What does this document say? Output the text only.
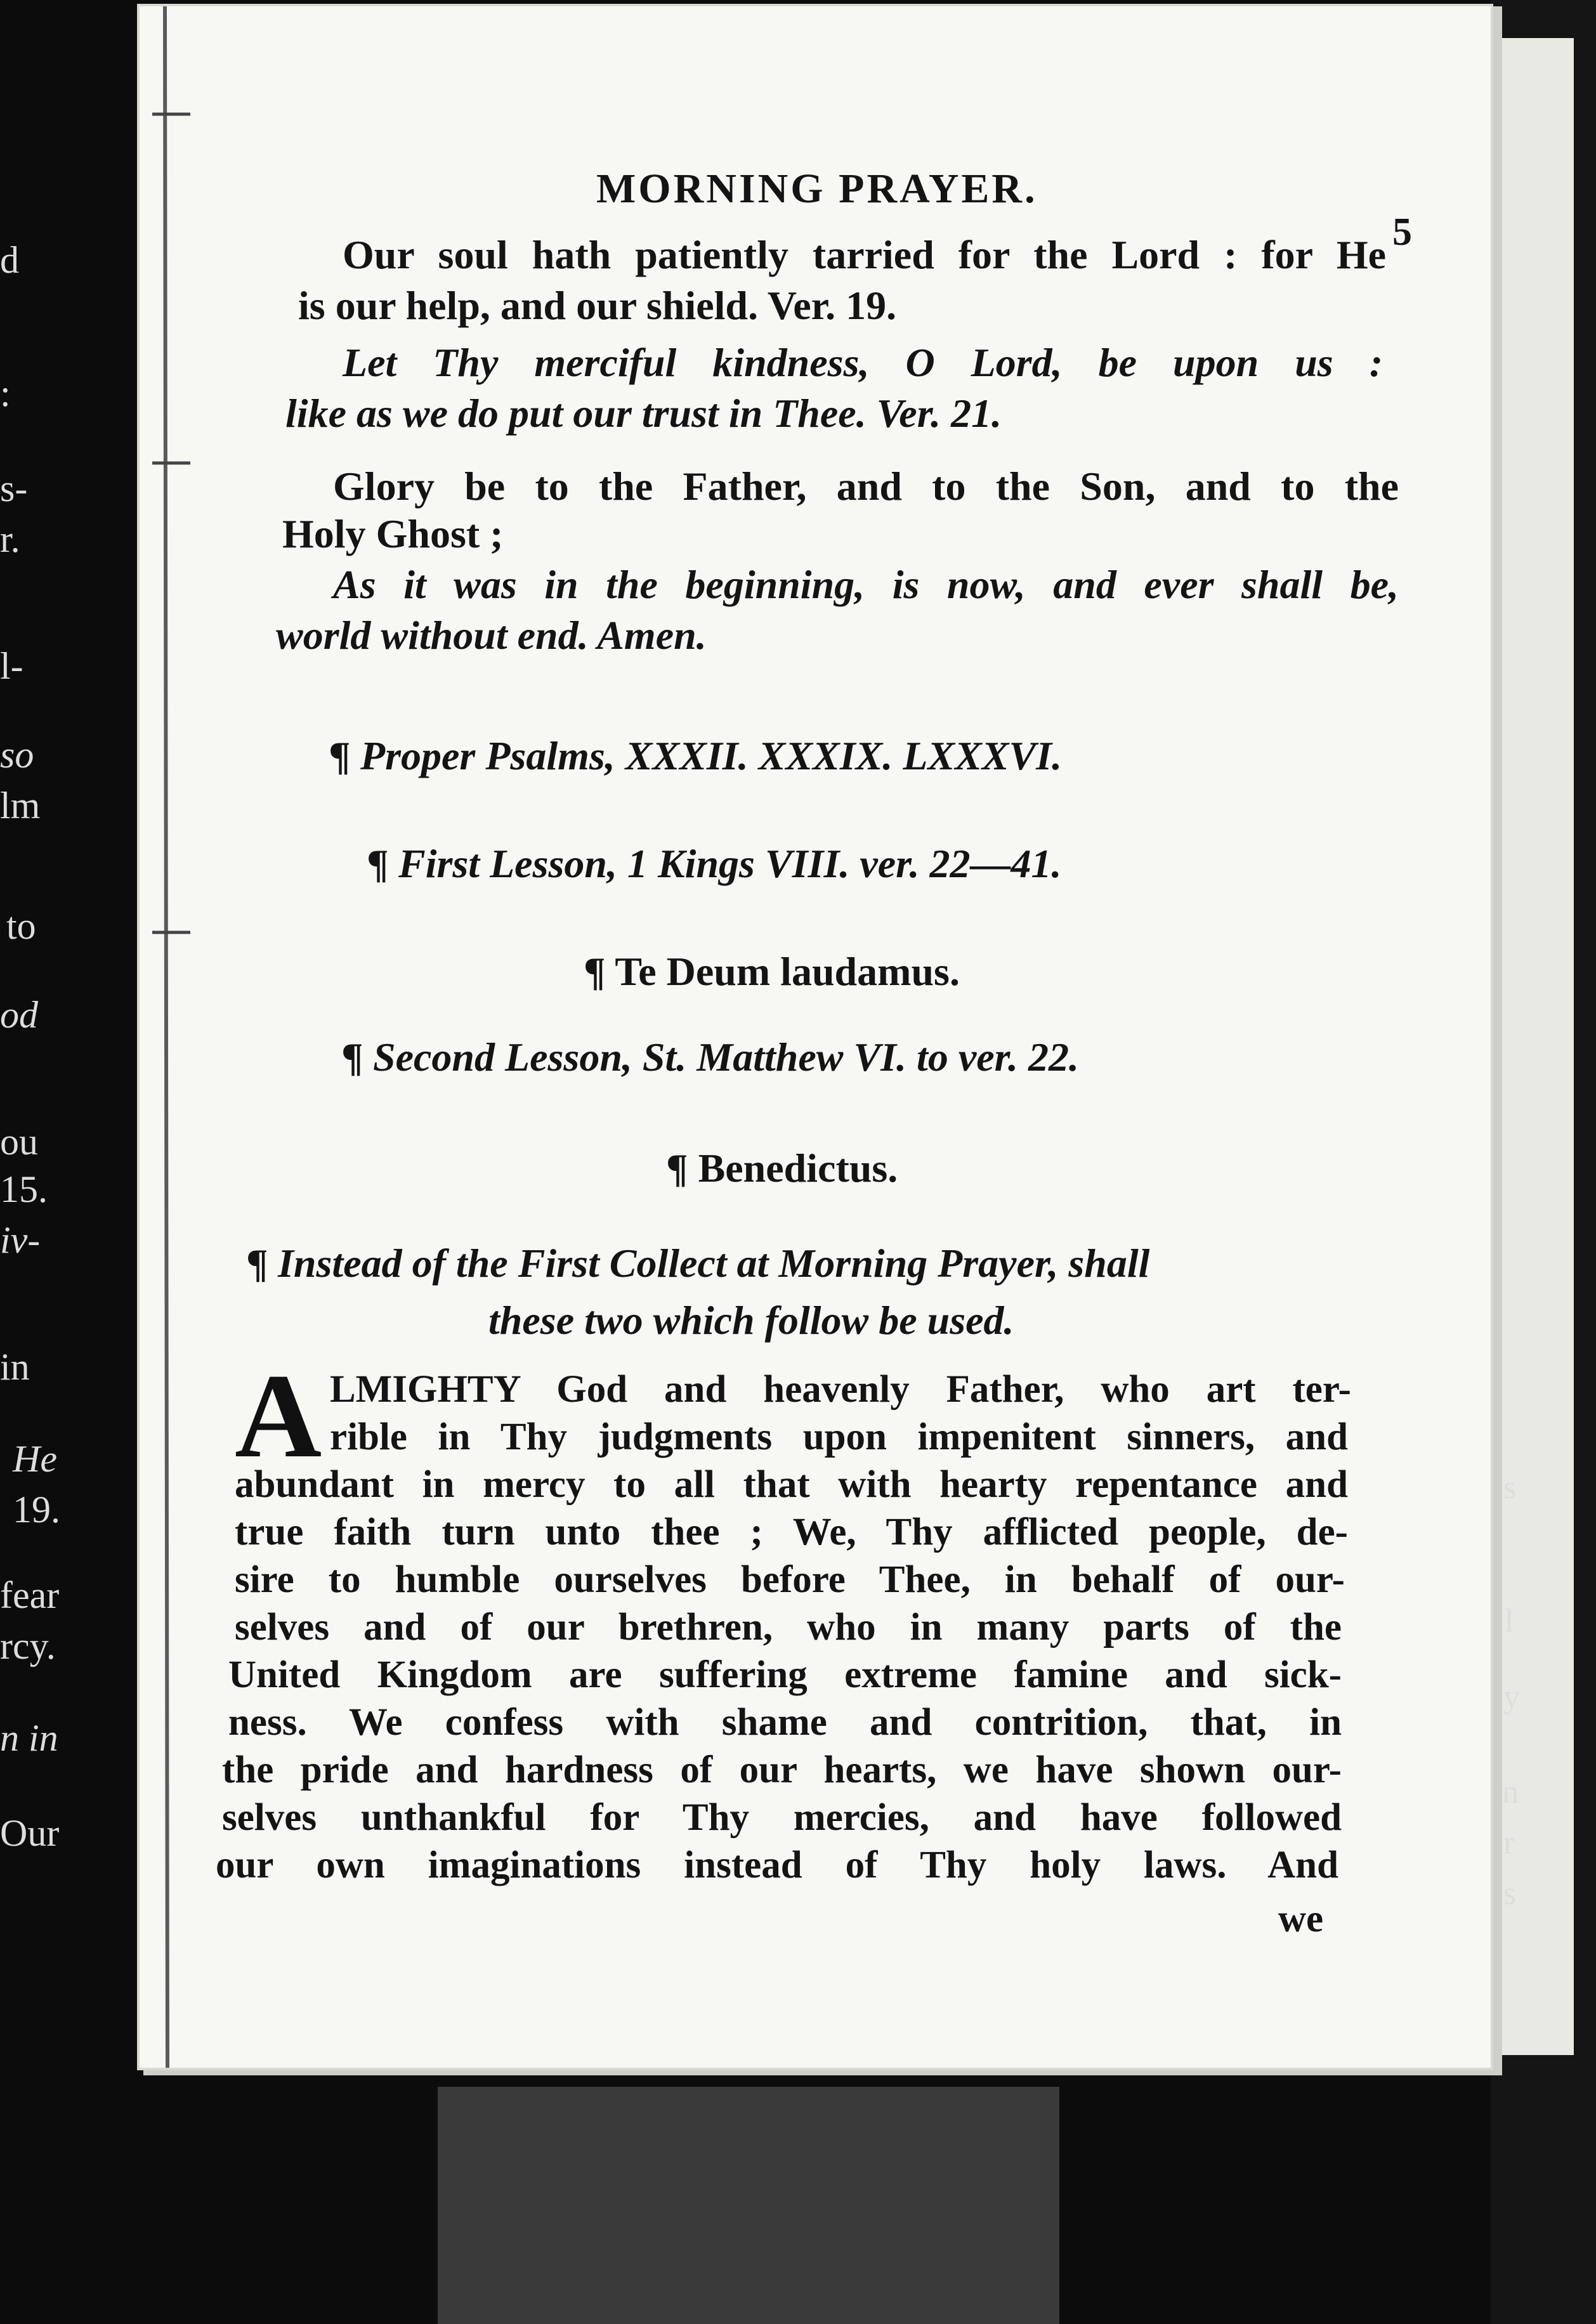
d

:

s-

r.

l-

so

lm

to

od

ou

15.

iv-

in

He

19.

fear

rcy.

n in

Our

MORNING PRAYER.

5

Our soul hath patiently tarried for the Lord : for He

is our help, and our shield. Ver. 19.

Let Thy merciful kindness, O Lord, be upon us :

like as we do put our trust in Thee. Ver. 21.

Glory be to the Father, and to the Son, and to the

Holy Ghost ;

As it was in the beginning, is now, and ever shall be,

world without end. Amen.

¶ Proper Psalms, XXXII. XXXIX. LXXXVI.

¶ First Lesson, 1 Kings VIII. ver. 22—41.

¶ Te Deum laudamus.

¶ Second Lesson, St. Matthew VI. to ver. 22.

¶ Benedictus.

¶ Instead of the First Collect at Morning Prayer, shall

these two which follow be used.

A LMIGHTY God and heavenly Father, who art ter-

rible in Thy judgments upon impenitent sinners, and

abundant in mercy to all that with hearty repentance and

true faith turn unto thee ; We, Thy afflicted people, de-

sire to humble ourselves before Thee, in behalf of our-

selves and of our brethren, who in many parts of the

United Kingdom are suffering extreme famine and sick-

ness. We confess with shame and contrition, that, in

the pride and hardness of our hearts, we have shown our-

selves unthankful for Thy mercies, and have followed

our own imaginations instead of Thy holy laws. And

we

s

l

y

n

r

s
